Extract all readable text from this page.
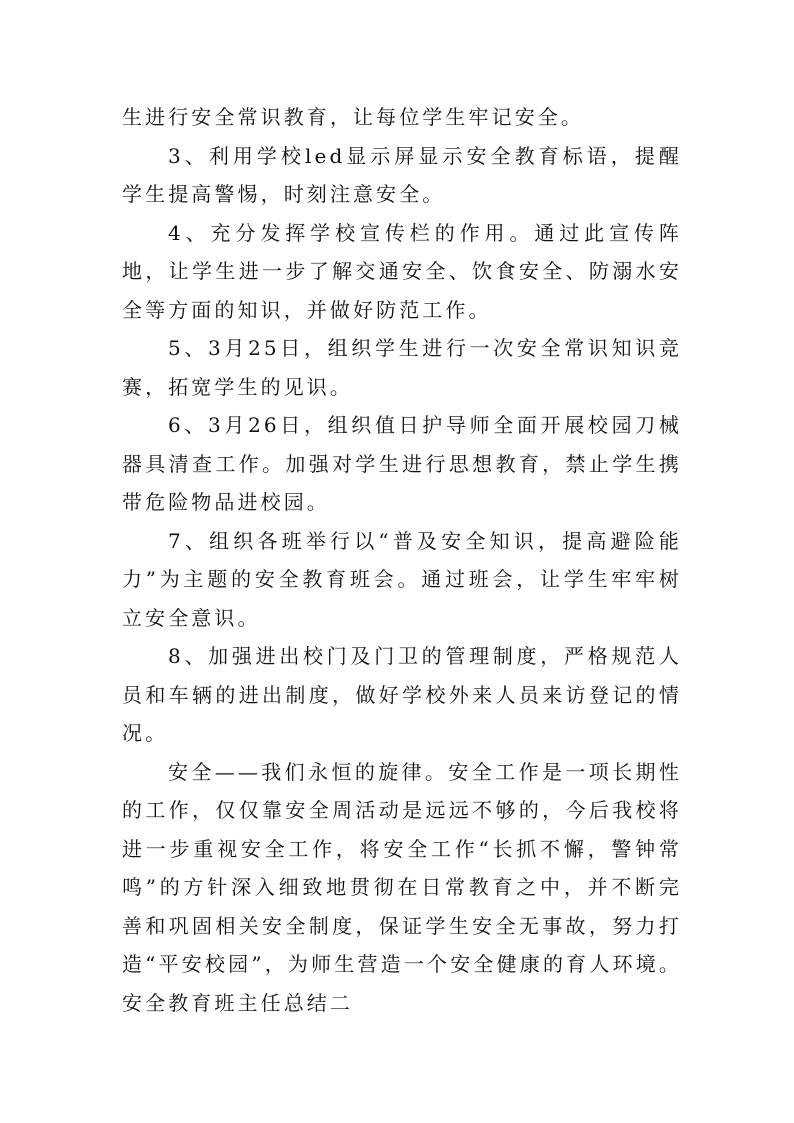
生进行安全常识教育，让每位学生牢记安全。

3、利用学校led显示屏显示安全教育标语，提醒学生提高警惕，时刻注意安全。

4、充分发挥学校宣传栏的作用。通过此宣传阵地，让学生进一步了解交通安全、饮食安全、防溺水安全等方面的知识，并做好防范工作。

5、3月25日，组织学生进行一次安全常识知识竞赛，拓宽学生的见识。

6、3月26日，组织值日护导师全面开展校园刀械器具清查工作。加强对学生进行思想教育，禁止学生携带危险物品进校园。

7、组织各班举行以“普及安全知识，提高避险能力”为主题的安全教育班会。通过班会，让学生牢牢树立安全意识。

8、加强进出校门及门卫的管理制度，严格规范人员和车辆的进出制度，做好学校外来人员来访登记的情况。

安全——我们永恒的旋律。安全工作是一项长期性的工作，仅仅靠安全周活动是远远不够的，今后我校将进一步重视安全工作，将安全工作“长抓不懈，警钟常鸣”的方针深入细致地贯彻在日常教育之中，并不断完善和巩固相关安全制度，保证学生安全无事故，努力打造“平安校园”，为师生营造一个安全健康的育人环境。安全教育班主任总结二
